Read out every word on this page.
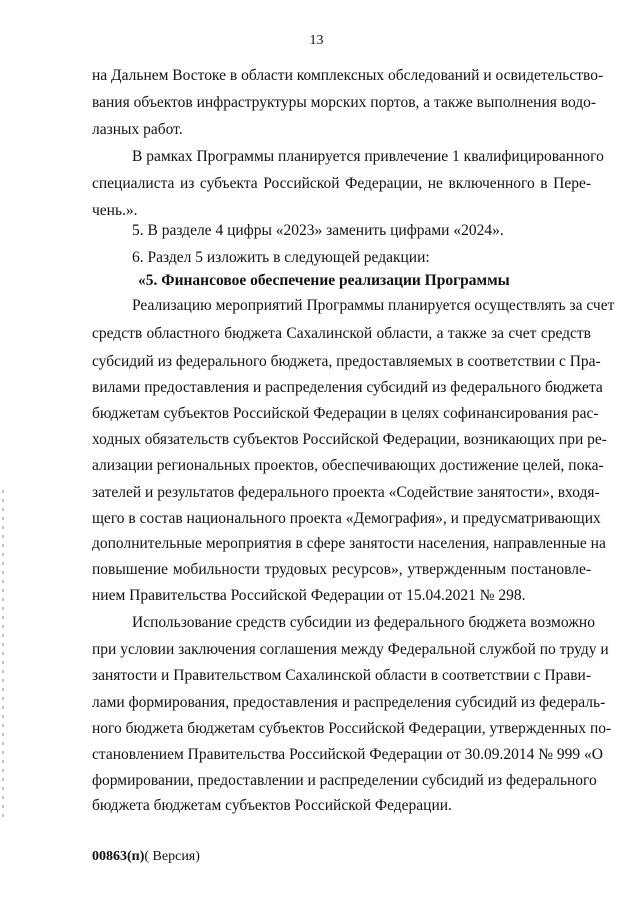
13
на Дальнем Востоке в области комплексных обследований и освидетельство-
вания объектов инфраструктуры морских портов, а также выполнения водо-
лазных работ.
В рамках Программы планируется привлечение 1 квалифицированного
специалиста из субъекта Российской Федерации, не включенного в Пере-
чень.».
5. В разделе 4 цифры «2023» заменить цифрами «2024».
6. Раздел 5 изложить в следующей редакции:
«5. Финансовое обеспечение реализации Программы
Реализацию мероприятий Программы планируется осуществлять за счет
средств областного бюджета Сахалинской области, а также за счет средств
субсидий из федерального бюджета, предоставляемых в соответствии с Пра-
вилами предоставления и распределения субсидий из федерального бюджета
бюджетам субъектов Российской Федерации в целях софинансирования рас-
ходных обязательств субъектов Российской Федерации, возникающих при ре-
ализации региональных проектов, обеспечивающих достижение целей, пока-
зателей и результатов федерального проекта «Содействие занятости», входя-
щего в состав национального проекта «Демография», и предусматривающих
дополнительные мероприятия в сфере занятости населения, направленные на
повышение мобильности трудовых ресурсов», утвержденным постановле-
нием Правительства Российской Федерации от 15.04.2021 № 298.
Использование средств субсидии из федерального бюджета возможно
при условии заключения соглашения между Федеральной службой по труду и
занятости и Правительством Сахалинской области в соответствии с Прави-
лами формирования, предоставления и распределения субсидий из федераль-
ного бюджета бюджетам субъектов Российской Федерации, утвержденных по-
становлением Правительства Российской Федерации от 30.09.2014 № 999 «О
формировании, предоставлении и распределении субсидий из федерального
бюджета бюджетам субъектов Российской Федерации.
00863(п)( Версия)
